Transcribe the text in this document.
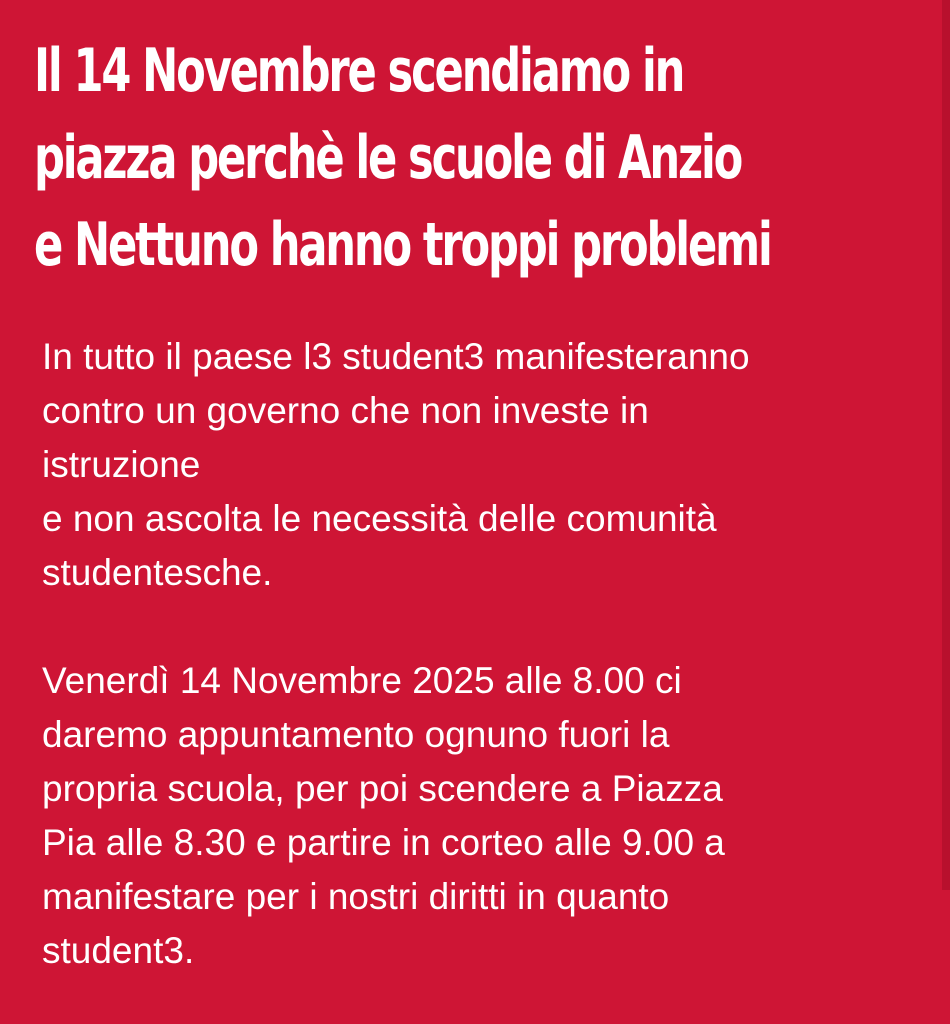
Il 14 Novembre scendiamo in
piazza perchè le scuole di Anzio
e Nettuno hanno troppi problemi
In tutto il paese l3 student3 manifesteranno
contro un governo che non investe in
istruzione
e non ascolta le necessità delle comunità
studentesche.
Venerdì 14 Novembre 2025 alle 8.00 ci
daremo appuntamento ognuno fuori la
propria scuola, per poi scendere a Piazza
Pia alle 8.30 e partire in corteo alle 9.00 a
manifestare per i nostri diritti in quanto
student3.
